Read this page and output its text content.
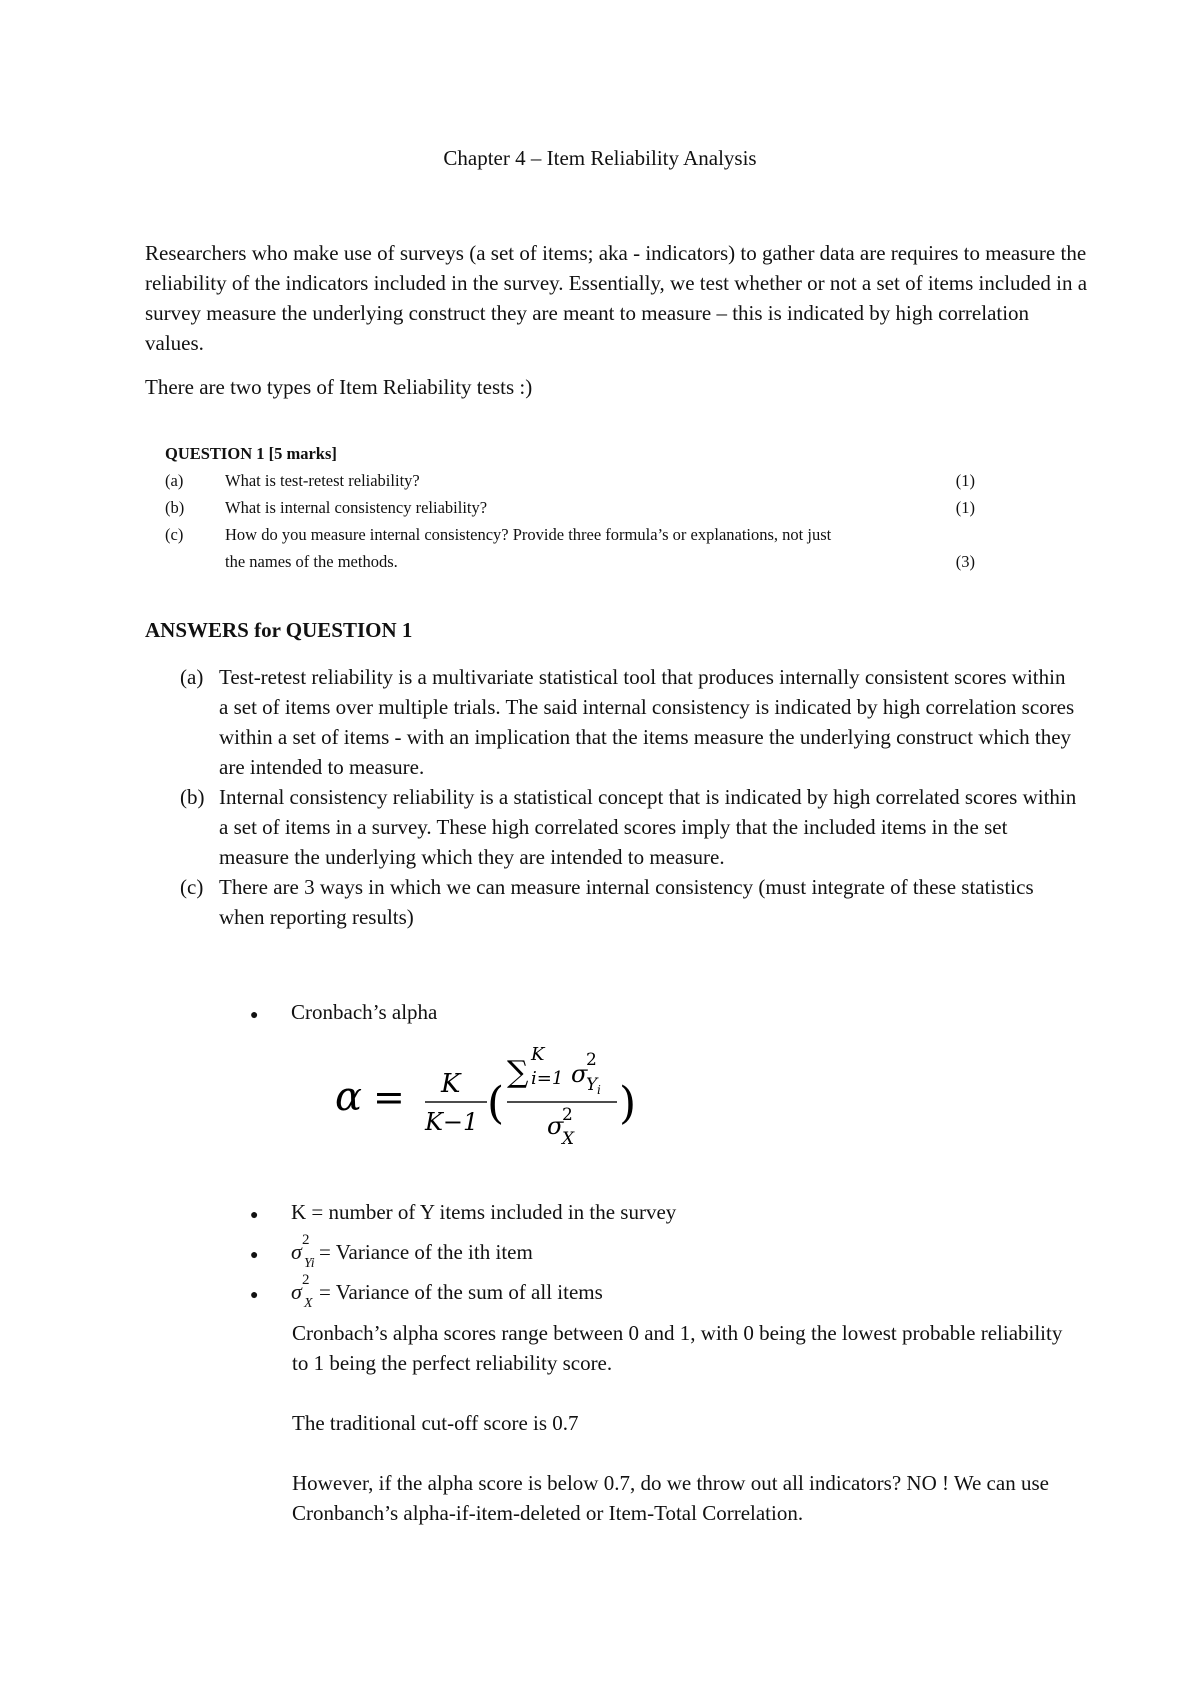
Chapter 4 – Item Reliability Analysis

Researchers who make use of surveys (a set of items; aka - indicators) to gather data are requires to measure the reliability of the indicators included in the survey. Essentially, we test whether or not a set of items included in a survey measure the underlying construct they are meant to measure – this is indicated by high correlation values.

There are two types of Item Reliability tests :)

QUESTION 1 [5 marks]
(a)	What is test-retest reliability?	(1)
(b)	What is internal consistency reliability?	(1)
(c)	How do you measure internal consistency? Provide three formula’s or explanations, not just
the names of the methods.	(3)
ANSWERS for QUESTION 1
(a) Test-retest reliability is a multivariate statistical tool that produces internally consistent scores within a set of items over multiple trials. The said internal consistency is indicated by high correlation scores within a set of items - with an implication that the items measure the underlying construct which they are intended to measure.
(b) Internal consistency reliability is a statistical concept that is indicated by high correlated scores within a set of items in a survey. These high correlated scores imply that the included items in the set measure the underlying which they are intended to measure.
(c) There are 3 ways in which we can measure internal consistency (must integrate of these statistics when reporting results)
●	Cronbach’s alpha
α = K
K−1 (
∑
K
i=1 σ
2
Y i
σ
2
X
)
●	K = number of Y items included in the survey
●	σ 2
Yi = Variance of the ith item
●	σ 2
X = Variance of the sum of all items

Cronbach’s alpha scores range between 0 and 1, with 0 being the lowest probable reliability to 1 being the perfect reliability score.

The traditional cut-off score is 0.7

However, if the alpha score is below 0.7, do we throw out all indicators? NO ! We can use Cronbanch’s alpha-if-item-deleted or Item-Total Correlation.
